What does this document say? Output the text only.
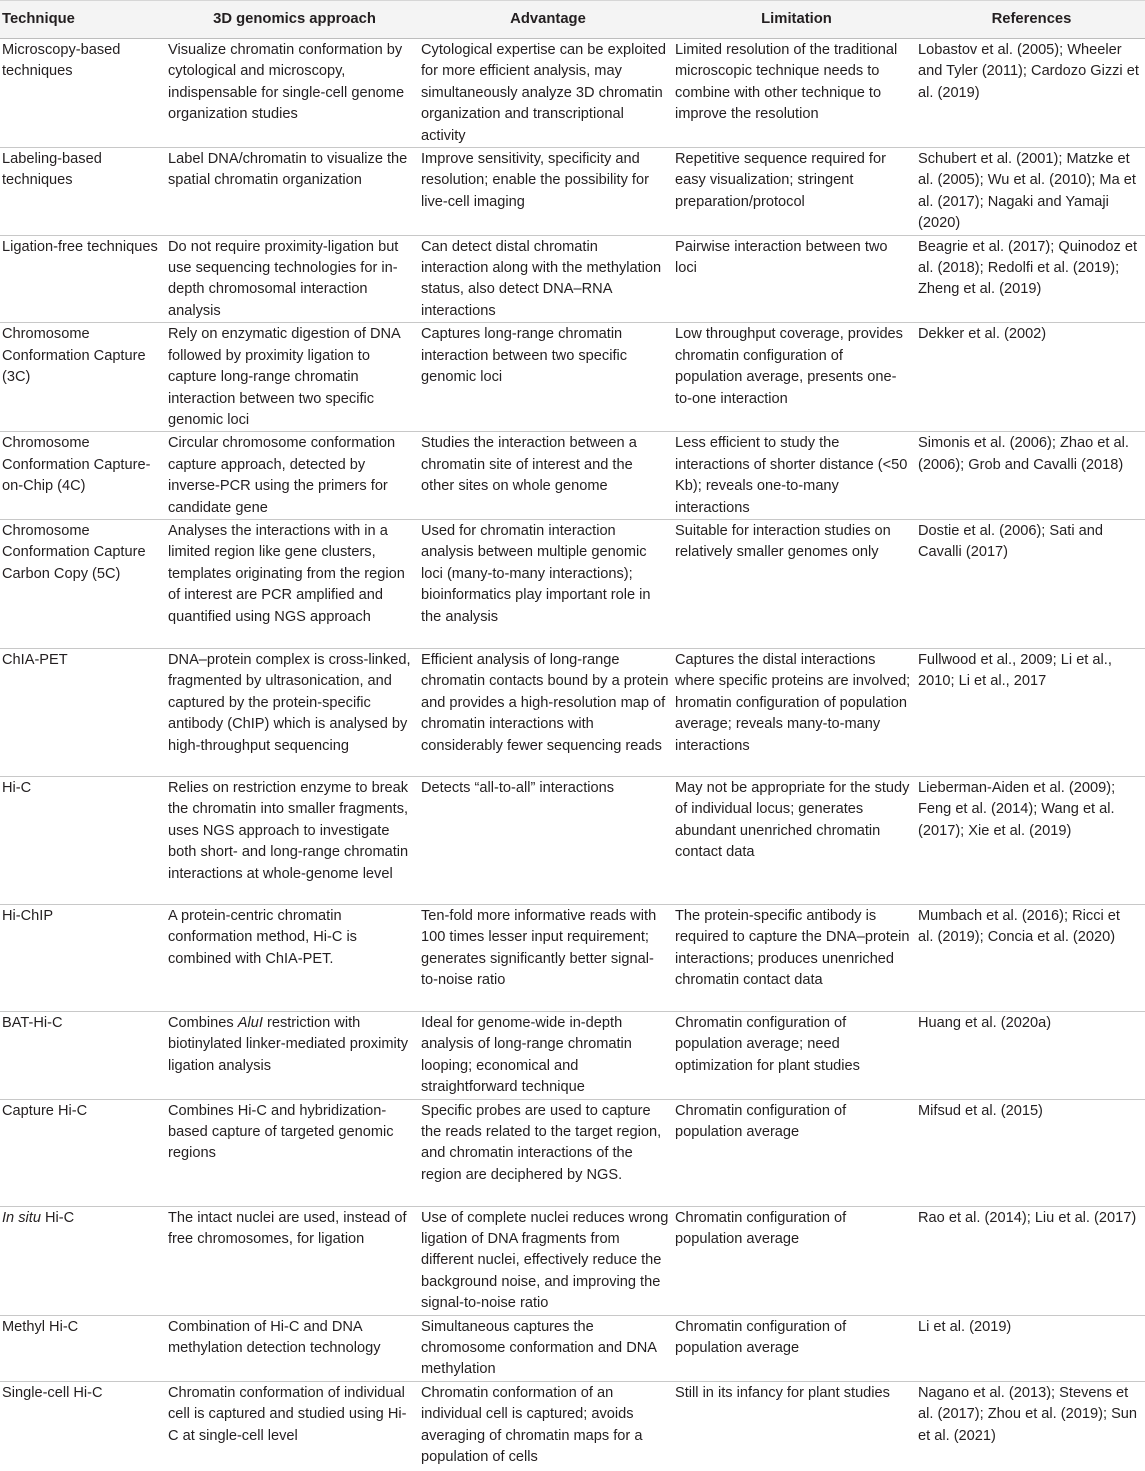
Technique	3D genomics approach	Advantage	Limitation	References
Microscopy-based techniques	Visualize chromatin conformation by cytological and microscopy, indispensable for single-cell genome organization studies	Cytological expertise can be exploited for more efficient analysis, may simultaneously analyze 3D chromatin organization and transcriptional activity	Limited resolution of the traditional microscopic technique needs to combine with other technique to improve the resolution	Lobastov et al. (2005); Wheeler and Tyler (2011); Cardozo Gizzi et al. (2019)
Labeling-based techniques	Label DNA/chromatin to visualize the spatial chromatin organization	Improve sensitivity, specificity and resolution; enable the possibility for live-cell imaging	Repetitive sequence required for easy visualization; stringent preparation/protocol	Schubert et al. (2001); Matzke et al. (2005); Wu et al. (2010); Ma et al. (2017); Nagaki and Yamaji (2020)
Ligation-free techniques	Do not require proximity-ligation but use sequencing technologies for in-depth chromosomal interaction analysis	Can detect distal chromatin interaction along with the methylation status, also detect DNA–RNA interactions	Pairwise interaction between two loci	Beagrie et al. (2017); Quinodoz et al. (2018); Redolfi et al. (2019); Zheng et al. (2019)
Chromosome Conformation Capture (3C)	Rely on enzymatic digestion of DNA followed by proximity ligation to capture long-range chromatin interaction between two specific genomic loci	Captures long-range chromatin interaction between two specific genomic loci	Low throughput coverage, provides chromatin configuration of population average, presents one-to-one interaction	Dekker et al. (2002)
Chromosome Conformation Capture-on-Chip (4C)	Circular chromosome conformation capture approach, detected by inverse-PCR using the primers for candidate gene	Studies the interaction between a chromatin site of interest and the other sites on whole genome	Less efficient to study the interactions of shorter distance (<50 Kb); reveals one-to-many interactions	Simonis et al. (2006); Zhao et al. (2006); Grob and Cavalli (2018)
Chromosome Conformation Capture Carbon Copy (5C)	Analyses the interactions with in a limited region like gene clusters, templates originating from the region of interest are PCR amplified and quantified using NGS approach	Used for chromatin interaction analysis between multiple genomic loci (many-to-many interactions); bioinformatics play important role in the analysis	Suitable for interaction studies on relatively smaller genomes only	Dostie et al. (2006); Sati and Cavalli (2017)
ChIA-PET	DNA–protein complex is cross-linked, fragmented by ultrasonication, and captured by the protein-specific antibody (ChIP) which is analysed by high-throughput sequencing	Efficient analysis of long-range chromatin contacts bound by a protein and provides a high-resolution map of chromatin interactions with considerably fewer sequencing reads	Captures the distal interactions where specific proteins are involved; hromatin configuration of population average; reveals many-to-many interactions	Fullwood et al., 2009; Li et al., 2010; Li et al., 2017
Hi-C	Relies on restriction enzyme to break the chromatin into smaller fragments, uses NGS approach to investigate both short- and long-range chromatin interactions at whole-genome level	Detects “all-to-all” interactions	May not be appropriate for the study of individual locus; generates abundant unenriched chromatin contact data	Lieberman-Aiden et al. (2009); Feng et al. (2014); Wang et al. (2017); Xie et al. (2019)
Hi-ChIP	A protein-centric chromatin conformation method, Hi-C is combined with ChIA-PET.	Ten-fold more informative reads with 100 times lesser input requirement; generates significantly better signal-to-noise ratio	The protein-specific antibody is required to capture the DNA–protein interactions; produces unenriched chromatin contact data	Mumbach et al. (2016); Ricci et al. (2019); Concia et al. (2020)
BAT-Hi-C	Combines AluI restriction with biotinylated linker-mediated proximity ligation analysis	Ideal for genome-wide in-depth analysis of long-range chromatin looping; economical and straightforward technique	Chromatin configuration of population average; need optimization for plant studies	Huang et al. (2020a)
Capture Hi-C	Combines Hi-C and hybridization-based capture of targeted genomic regions	Specific probes are used to capture the reads related to the target region, and chromatin interactions of the region are deciphered by NGS.	Chromatin configuration of population average	Mifsud et al. (2015)
In situ Hi-C	The intact nuclei are used, instead of free chromosomes, for ligation	Use of complete nuclei reduces wrong ligation of DNA fragments from different nuclei, effectively reduce the background noise, and improving the signal-to-noise ratio	Chromatin configuration of population average	Rao et al. (2014); Liu et al. (2017)
Methyl Hi-C	Combination of Hi-C and DNA methylation detection technology	Simultaneous captures the chromosome conformation and DNA methylation	Chromatin configuration of population average	Li et al. (2019)
Single-cell Hi-C	Chromatin conformation of individual cell is captured and studied using Hi-C at single-cell level	Chromatin conformation of an individual cell is captured; avoids averaging of chromatin maps for a population of cells	Still in its infancy for plant studies	Nagano et al. (2013); Stevens et al. (2017); Zhou et al. (2019); Sun et al. (2021)
